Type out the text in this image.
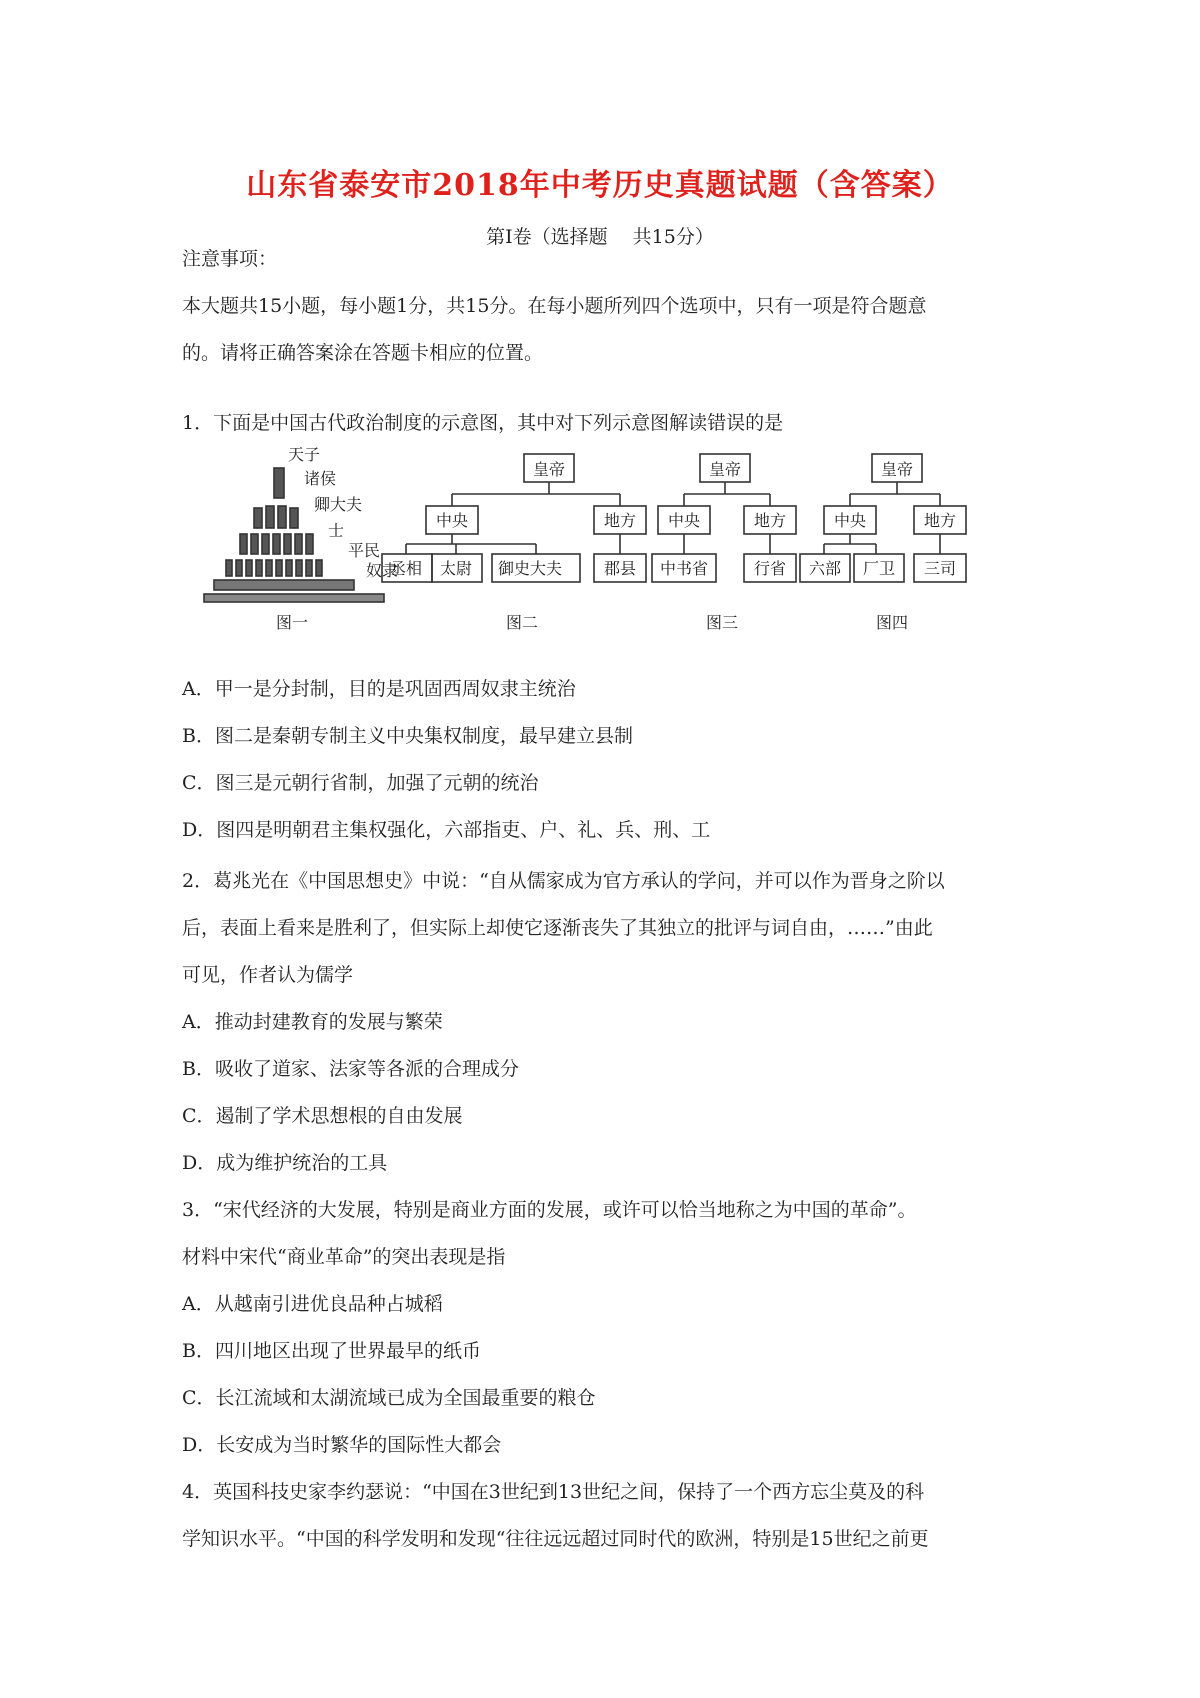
山东省泰安市2018年中考历史真题试题（含答案）
第Ⅰ卷（选择题　 共15分）
注意事项：
本大题共15小题，每小题1分，共15分。在每小题所列四个选项中，只有一项是符合题意
的。请将正确答案涂在答题卡相应的位置。
1．下面是中国古代政治制度的示意图，其中对下列示意图解读错误的是
天子
诸侯
卿大夫
士
平民
奴隶
图一
皇帝
中央	地方
丞相 太尉 御史大夫	郡县
图二
皇帝
中央	地方
中书省	行省
图三
皇帝
中央	地方
六部 厂卫 三司
图四
A．甲一是分封制，目的是巩固西周奴隶主统治
B．图二是秦朝专制主义中央集权制度，最早建立县制
C．图三是元朝行省制，加强了元朝的统治
D．图四是明朝君主集权强化，六部指吏、户、礼、兵、刑、工
2．葛兆光在《中国思想史》中说：“自从儒家成为官方承认的学问，并可以作为晋身之阶以
后，表面上看来是胜利了，但实际上却使它逐渐丧失了其独立的批评与词自由，……”由此
可见，作者认为儒学
A．推动封建教育的发展与繁荣
B．吸收了道家、法家等各派的合理成分
C．遏制了学术思想根的自由发展
D．成为维护统治的工具
3．“宋代经济的大发展，特别是商业方面的发展，或许可以恰当地称之为中国的革命”。
材料中宋代“商业革命”的突出表现是指
A．从越南引进优良品种占城稻
B．四川地区出现了世界最早的纸币
C．长江流域和太湖流域已成为全国最重要的粮仓
D．长安成为当时繁华的国际性大都会
4．英国科技史家李约瑟说：“中国在3世纪到13世纪之间，保持了一个西方忘尘莫及的科
学知识水平。“中国的科学发明和发现“往往远远超过同时代的欧洲，特别是15世纪之前更
